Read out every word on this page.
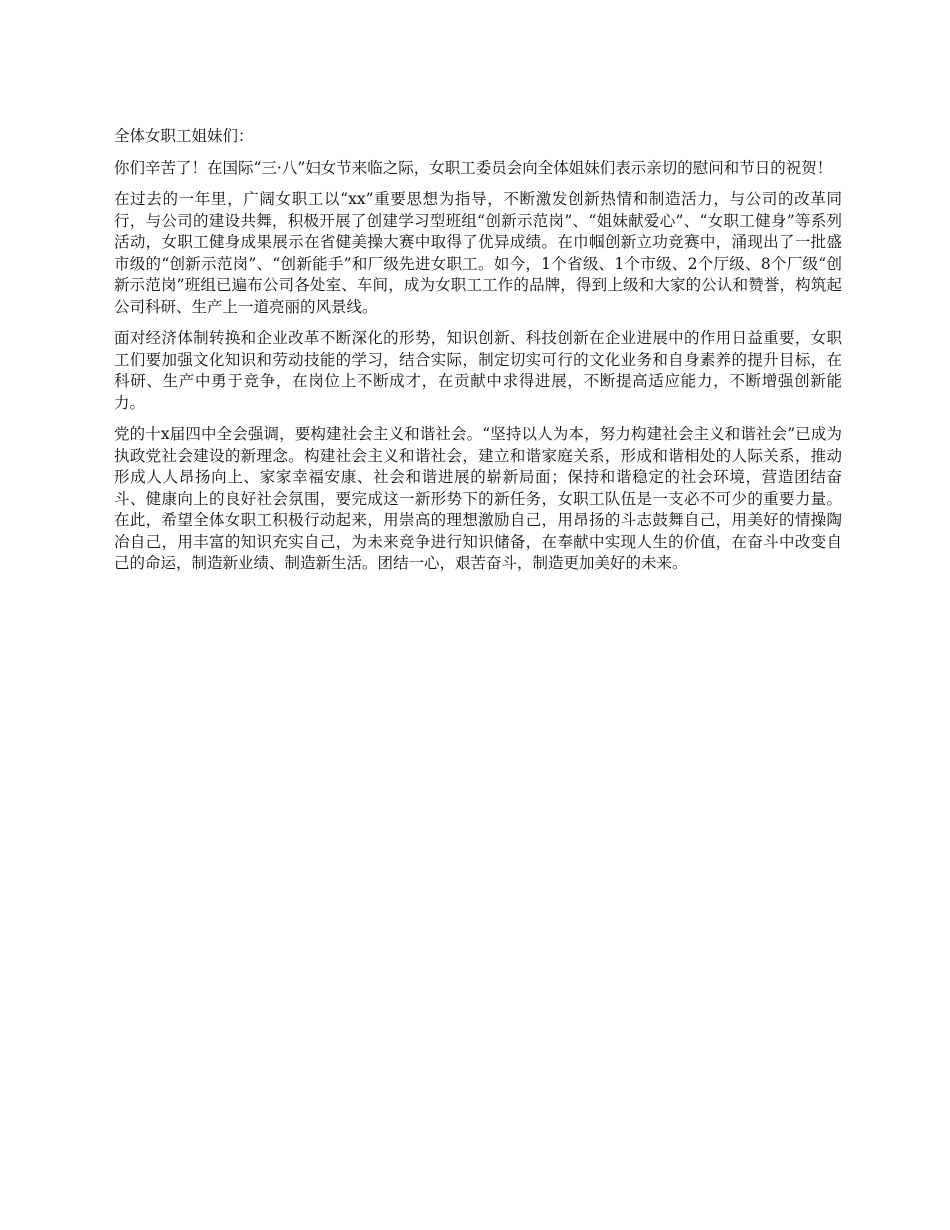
全体女职工姐妹们：

你们辛苦了！在国际“三·八”妇女节来临之际，女职工委员会向全体姐妹们表示亲切的慰问和节日的祝贺！

在过去的一年里，广阔女职工以“xx”重要思想为指导，不断激发创新热情和制造活力，与公司的改革同行，与公司的建设共舞，积极开展了创建学习型班组“创新示范岗”、“姐妹献爱心”、“女职工健身”等系列活动，女职工健身成果展示在省健美操大赛中取得了优异成绩。在巾帼创新立功竞赛中，涌现出了一批盛市级的“创新示范岗”、“创新能手”和厂级先进女职工。如今，1个省级、1个市级、2个厅级、8个厂级“创新示范岗”班组已遍布公司各处室、车间，成为女职工工作的品牌，得到上级和大家的公认和赞誉，构筑起公司科研、生产上一道亮丽的风景线。

面对经济体制转换和企业改革不断深化的形势，知识创新、科技创新在企业进展中的作用日益重要，女职工们要加强文化知识和劳动技能的学习，结合实际，制定切实可行的文化业务和自身素养的提升目标，在科研、生产中勇于竞争，在岗位上不断成才，在贡献中求得进展，不断提高适应能力，不断增强创新能力。

党的十x届四中全会强调，要构建社会主义和谐社会。“坚持以人为本，努力构建社会主义和谐社会”已成为执政党社会建设的新理念。构建社会主义和谐社会，建立和谐家庭关系，形成和谐相处的人际关系，推动形成人人昂扬向上、家家幸福安康、社会和谐进展的崭新局面；保持和谐稳定的社会环境，营造团结奋斗、健康向上的良好社会氛围，要完成这一新形势下的新任务，女职工队伍是一支必不可少的重要力量。在此，希望全体女职工积极行动起来，用崇高的理想激励自己，用昂扬的斗志鼓舞自己，用美好的情操陶冶自己，用丰富的知识充实自己，为未来竞争进行知识储备，在奉献中实现人生的价值，在奋斗中改变自己的命运，制造新业绩、制造新生活。团结一心，艰苦奋斗，制造更加美好的未来。
